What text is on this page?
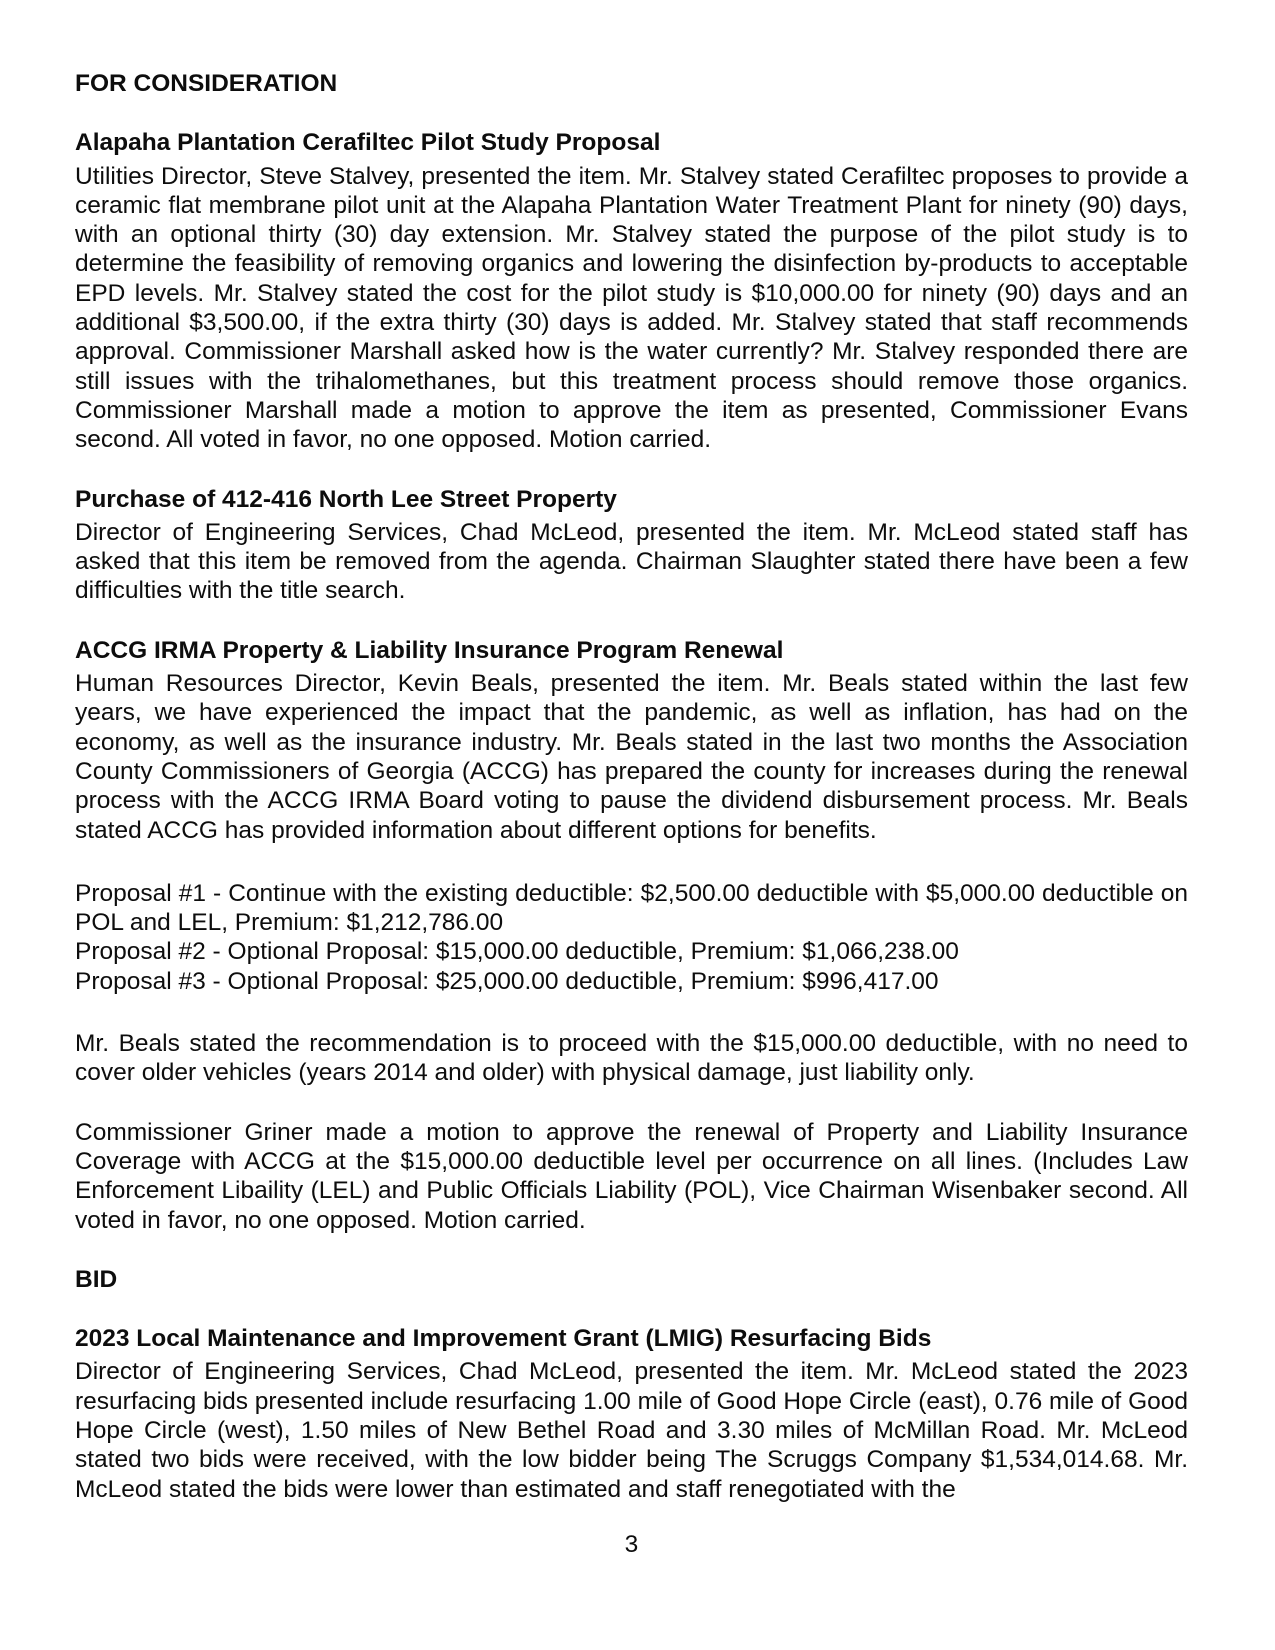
FOR CONSIDERATION
Alapaha Plantation Cerafiltec Pilot Study Proposal

Utilities Director, Steve Stalvey, presented the item. Mr. Stalvey stated Cerafiltec proposes to provide a ceramic flat membrane pilot unit at the Alapaha Plantation Water Treatment Plant for ninety (90) days, with an optional thirty (30) day extension. Mr. Stalvey stated the purpose of the pilot study is to determine the feasibility of removing organics and lowering the disinfection by-products to acceptable EPD levels. Mr. Stalvey stated the cost for the pilot study is $10,000.00 for ninety (90) days and an additional $3,500.00, if the extra thirty (30) days is added. Mr. Stalvey stated that staff recommends approval. Commissioner Marshall asked how is the water currently? Mr. Stalvey responded there are still issues with the trihalomethanes, but this treatment process should remove those organics. Commissioner Marshall made a motion to approve the item as presented, Commissioner Evans second. All voted in favor, no one opposed. Motion carried.

Purchase of 412-416 North Lee Street Property

Director of Engineering Services, Chad McLeod, presented the item. Mr. McLeod stated staff has asked that this item be removed from the agenda. Chairman Slaughter stated there have been a few difficulties with the title search.

ACCG IRMA Property & Liability Insurance Program Renewal

Human Resources Director, Kevin Beals, presented the item. Mr. Beals stated within the last few years, we have experienced the impact that the pandemic, as well as inflation, has had on the economy, as well as the insurance industry. Mr. Beals stated in the last two months the Association County Commissioners of Georgia (ACCG) has prepared the county for increases during the renewal process with the ACCG IRMA Board voting to pause the dividend disbursement process. Mr. Beals stated ACCG has provided information about different options for benefits.

Proposal #1 - Continue with the existing deductible: $2,500.00 deductible with $5,000.00 deductible on POL and LEL, Premium: $1,212,786.00

Proposal #2 - Optional Proposal: $15,000.00 deductible, Premium: $1,066,238.00

Proposal #3 - Optional Proposal: $25,000.00 deductible, Premium: $996,417.00

Mr. Beals stated the recommendation is to proceed with the $15,000.00 deductible, with no need to cover older vehicles (years 2014 and older) with physical damage, just liability only.

Commissioner Griner made a motion to approve the renewal of Property and Liability Insurance Coverage with ACCG at the $15,000.00 deductible level per occurrence on all lines. (Includes Law Enforcement Libaility (LEL) and Public Officials Liability (POL), Vice Chairman Wisenbaker second. All voted in favor, no one opposed. Motion carried.

BID
2023 Local Maintenance and Improvement Grant (LMIG) Resurfacing Bids

Director of Engineering Services, Chad McLeod, presented the item. Mr. McLeod stated the 2023 resurfacing bids presented include resurfacing 1.00 mile of Good Hope Circle (east), 0.76 mile of Good Hope Circle (west), 1.50 miles of New Bethel Road and 3.30 miles of McMillan Road. Mr. McLeod stated two bids were received, with the low bidder being The Scruggs Company $1,534,014.68. Mr. McLeod stated the bids were lower than estimated and staff renegotiated with the

3
